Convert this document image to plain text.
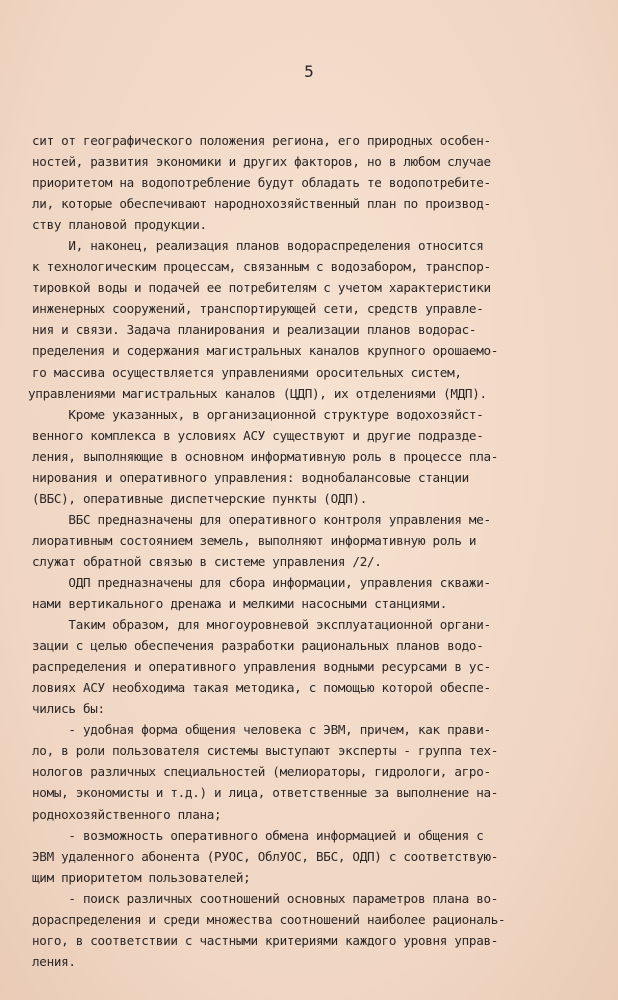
5
сит от географического положения региона, его природных особен-
ностей, развития экономики и других факторов, но в любом случае
приоритетом на водопотребление будут обладать те водопотребите-
ли, которые обеспечивают народнохозяйственный план по производ-
ству плановой продукции.
И, наконец, реализация планов водораспределения относится
к технологическим процессам, связанным с водозабором, транспор-
тировкой воды и подачей ее потребителям с учетом характеристики
инженерных сооружений, транспортирующей сети, средств управле-
ния и связи. Задача планирования и реализации планов водорас-
пределения и содержания магистральных каналов крупного орошаемо-
го массива осуществляется управлениями оросительных систем,
управлениями магистральных каналов (ЦДП), их отделениями (МДП).
Кроме указанных, в организационной структуре водохозяйст-
венного комплекса в условиях АСУ существуют и другие подразде-
ления, выполняющие в основном информативную роль в процессе пла-
нирования и оперативного управления: воднобалансовые станции
(ВБС), оперативные диспетчерские пункты (ОДП).
ВБС предназначены для оперативного контроля управления ме-
лиоративным состоянием земель, выполняют информативную роль и
служат обратной связью в системе управления /2/.
ОДП предназначены для сбора информации, управления скважи-
нами вертикального дренажа и мелкими насосными станциями.
Таким образом, для многоуровневой эксплуатационной органи-
зации с целью обеспечения разработки рациональных планов водо-
распределения и оперативного управления водными ресурсами в ус-
ловиях АСУ необходима такая методика, с помощью которой обеспе-
чились бы:
- удобная форма общения человека с ЭВМ, причем, как прави-
ло, в роли пользователя системы выступают эксперты - группа тех-
нологов различных специальностей (мелиораторы, гидрологи, агро-
номы, экономисты и т.д.) и лица, ответственные за выполнение на-
роднохозяйственного плана;
- возможность оперативного обмена информацией и общения с
ЭВМ удаленного абонента (РУОС, ОблУОС, ВБС, ОДП) с соответствую-
щим приоритетом пользователей;
- поиск различных соотношений основных параметров плана во-
дораспределения и среди множества соотношений наиболее рациональ-
ного, в соответствии с частными критериями каждого уровня управ-
ления.
